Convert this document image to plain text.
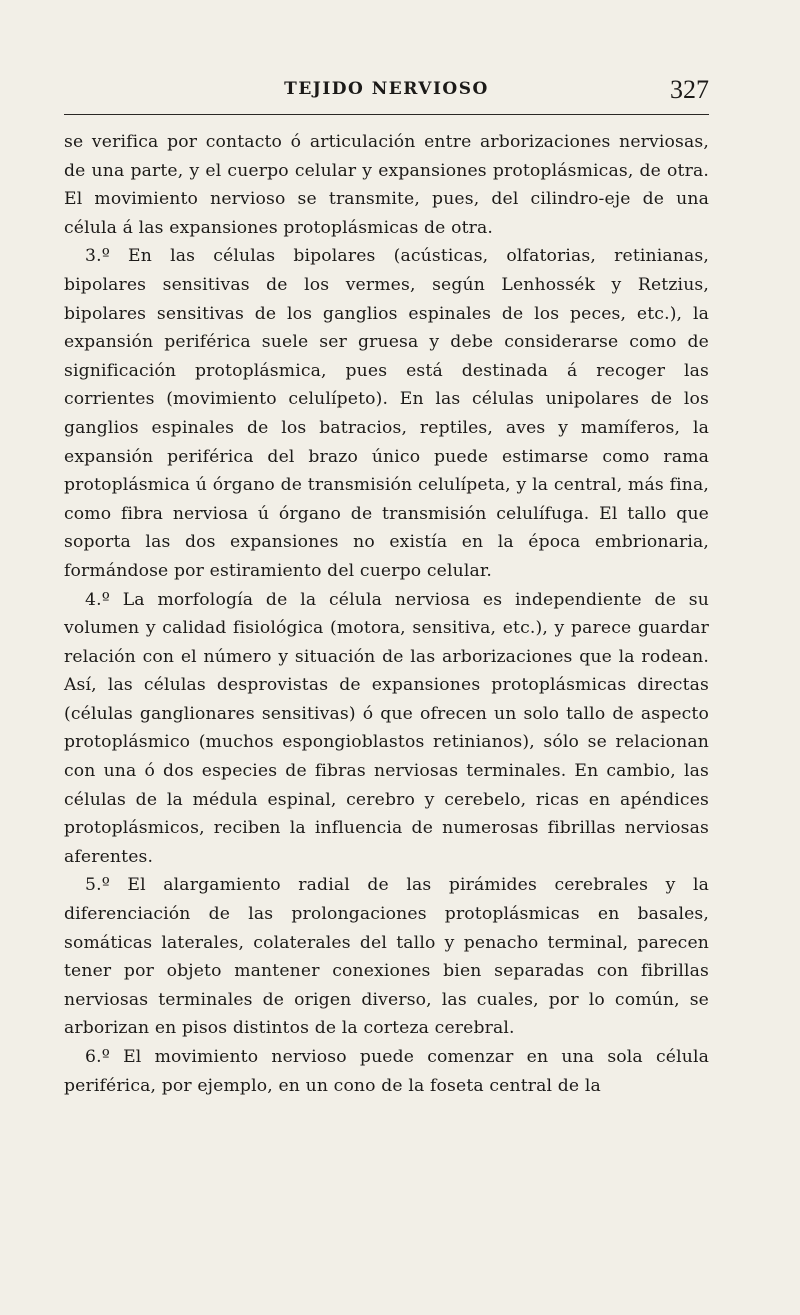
TEJIDO NERVIOSO	327

se verifica por contacto ó articulación entre arborizaciones nerviosas, de una parte, y el cuerpo celular y expansiones protoplásmicas, de otra. El movimiento nervioso se transmite, pues, del cilindro-eje de una célula á las expansiones protoplásmicas de otra.

3.º En las células bipolares (acústicas, olfatorias, retinianas, bipolares sensitivas de los vermes, según Lenhossék y Retzius, bipolares sensitivas de los ganglios espinales de los peces, etc.), la expansión periférica suele ser gruesa y debe considerarse como de significación protoplásmica, pues está destinada á recoger las corrientes (movimiento celulípeto). En las células unipolares de los ganglios espinales de los batracios, reptiles, aves y mamíferos, la expansión periférica del brazo único puede estimarse como rama protoplásmica ú órgano de transmisión celulípeta, y la central, más fina, como fibra nerviosa ú órgano de transmisión celulífuga. El tallo que soporta las dos expansiones no existía en la época embrionaria, formándose por estiramiento del cuerpo celular.

4.º La morfología de la célula nerviosa es independiente de su volumen y calidad fisiológica (motora, sensitiva, etc.), y parece guardar relación con el número y situación de las arborizaciones que la rodean. Así, las células desprovistas de expansiones protoplásmicas directas (células ganglionares sensitivas) ó que ofrecen un solo tallo de aspecto protoplásmico (muchos espongioblastos retinianos), sólo se relacionan con una ó dos especies de fibras nerviosas terminales. En cambio, las células de la médula espinal, cerebro y cerebelo, ricas en apéndices protoplásmicos, reciben la influencia de numerosas fibrillas nerviosas aferentes.

5.º El alargamiento radial de las pirámides cerebrales y la diferenciación de las prolongaciones protoplásmicas en basales, somáticas laterales, colaterales del tallo y penacho terminal, parecen tener por objeto mantener conexiones bien separadas con fibrillas nerviosas terminales de origen diverso, las cuales, por lo común, se arborizan en pisos distintos de la corteza cerebral.

6.º El movimiento nervioso puede comenzar en una sola célula periférica, por ejemplo, en un cono de la foseta central de la
